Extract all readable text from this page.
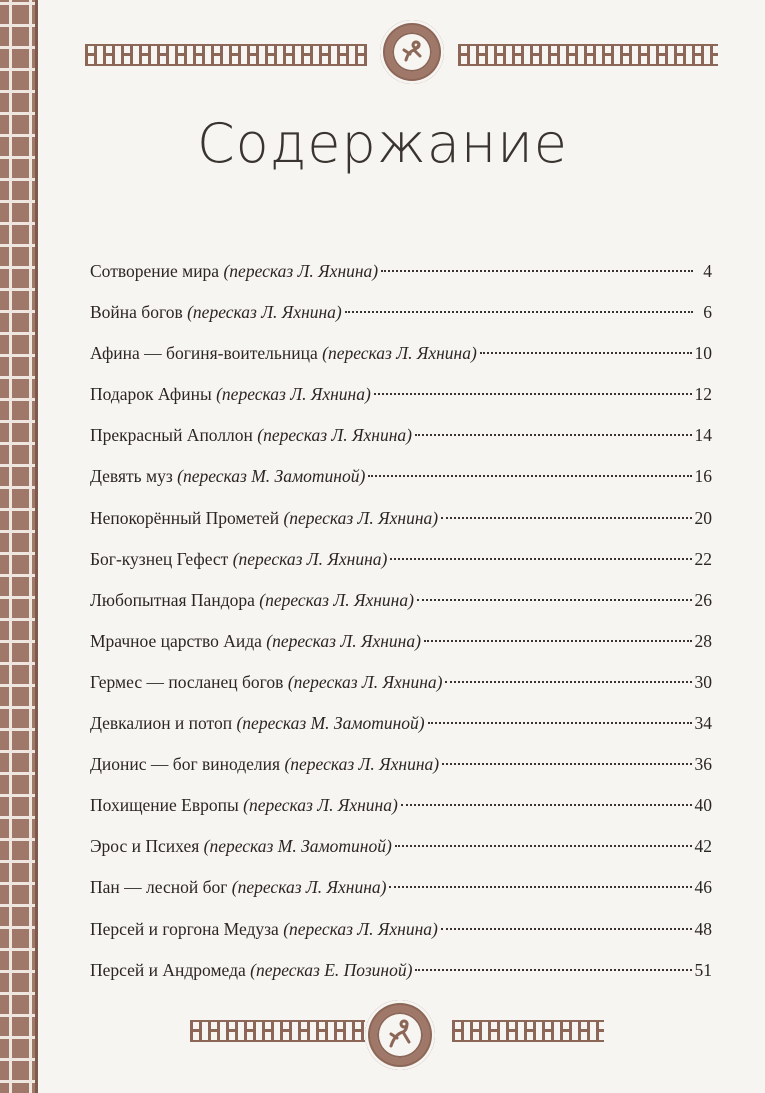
Содержание
Сотворение мира (пересказ Л. Яхнина)	4
Война богов (пересказ Л. Яхнина)	6
Афина — богиня-воительница (пересказ Л. Яхнина)	10
Подарок Афины (пересказ Л. Яхнина)	12
Прекрасный Аполлон (пересказ Л. Яхнина)	14
Девять муз (пересказ М. Замотиной)	16
Непокорённый Прометей (пересказ Л. Яхнина)	20
Бог-кузнец Гефест (пересказ Л. Яхнина)	22
Любопытная Пандора (пересказ Л. Яхнина)	26
Мрачное царство Аида (пересказ Л. Яхнина)	28
Гермес — посланец богов (пересказ Л. Яхнина)	30
Девкалион и потоп (пересказ М. Замотиной)	34
Дионис — бог виноделия (пересказ Л. Яхнина)	36
Похищение Европы (пересказ Л. Яхнина)	40
Эрос и Психея (пересказ М. Замотиной)	42
Пан — лесной бог (пересказ Л. Яхнина)	46
Персей и горгона Медуза (пересказ Л. Яхнина)	48
Персей и Андромеда (пересказ Е. Позиной)	51
